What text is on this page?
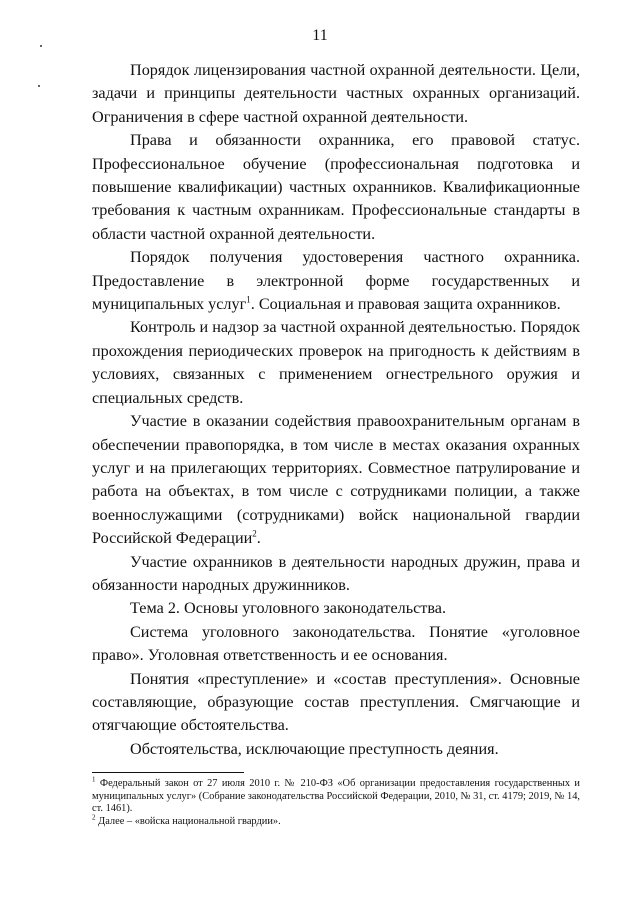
11

Порядок лицензирования частной охранной деятельности. Цели, задачи и принципы деятельности частных охранных организаций. Ограничения в сфере частной охранной деятельности.

Права и обязанности охранника, его правовой статус. Профессиональное обучение (профессиональная подготовка и повышение квалификации) частных охранников. Квалификационные требования к частным охранникам. Профессиональные стандарты в области частной охранной деятельности.

Порядок получения удостоверения частного охранника. Предоставление в электронной форме государственных и муниципальных услуг$^1$. Социальная и правовая защита охранников.

Контроль и надзор за частной охранной деятельностью. Порядок прохождения периодических проверок на пригодность к действиям в условиях, связанных с применением огнестрельного оружия и специальных средств.

Участие в оказании содействия правоохранительным органам в обеспечении правопорядка, в том числе в местах оказания охранных услуг и на прилегающих территориях. Совместное патрулирование и работа на объектах, в том числе с сотрудниками полиции, а также военнослужащими (сотрудниками) войск национальной гвардии Российской Федерации$^2$.

Участие охранников в деятельности народных дружин, права и обязанности народных дружинников.

Тема 2. Основы уголовного законодательства.

Система уголовного законодательства. Понятие «уголовное право». Уголовная ответственность и ее основания.

Понятия «преступление» и «состав преступления». Основные составляющие, образующие состав преступления. Смягчающие и отягчающие обстоятельства.

Обстоятельства, исключающие преступность деяния.

$^1$ Федеральный закон от 27 июля 2010 г. № 210-ФЗ «Об организации предоставления государственных и муниципальных услуг» (Собрание законодательства Российской Федерации, 2010, № 31, ст. 4179; 2019, № 14, ст. 1461).

$^2$ Далее – «войска национальной гвардии».
